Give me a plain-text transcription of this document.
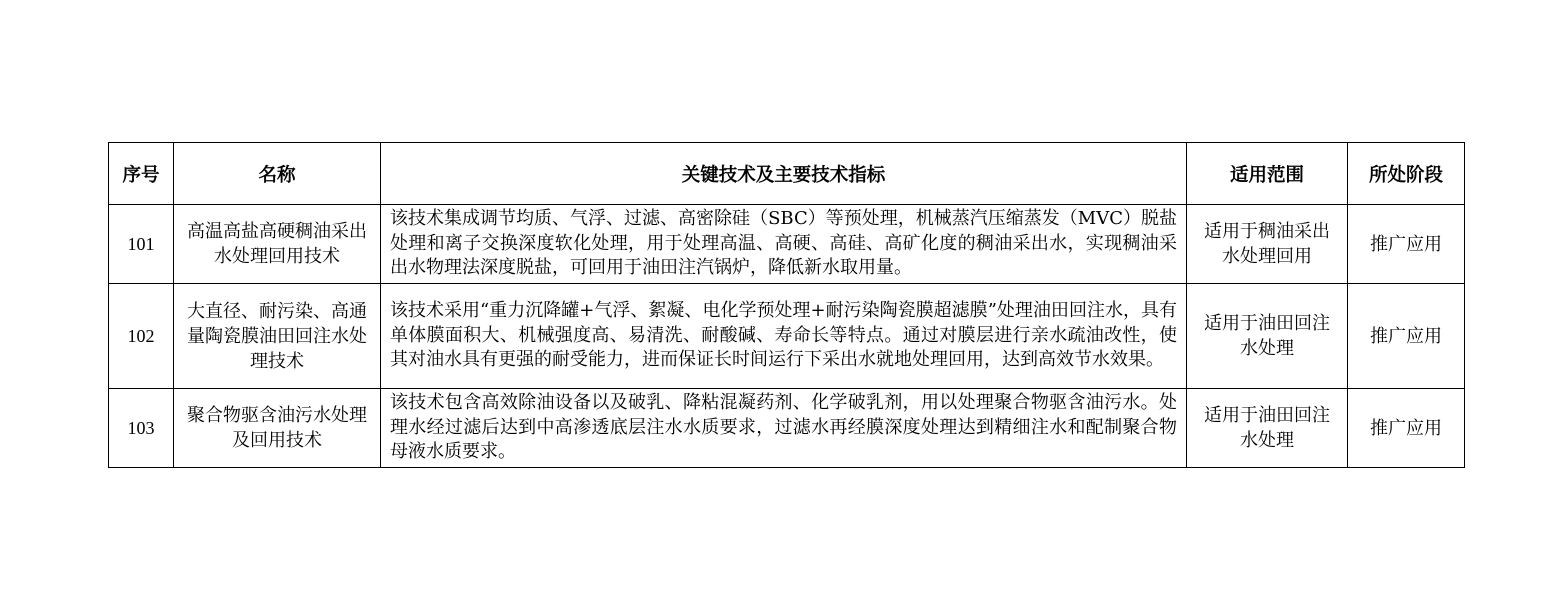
序号	名称	关键技术及主要技术指标	适用范围	所处阶段
101	高温高盐高硬稠油采出水处理回用技术	该技术集成调节均质、气浮、过滤、高密除硅（SBC）等预处理，机械蒸汽压缩蒸发（MVC）脱盐处理和离子交换深度软化处理，用于处理高温、高硬、高硅、高矿化度的稠油采出水，实现稠油采出水物理法深度脱盐，可回用于油田注汽锅炉，降低新水取用量。	适用于稠油采出水处理回用	推广应用
102	大直径、耐污染、高通量陶瓷膜油田回注水处理技术	该技术采用“重力沉降罐+气浮、絮凝、电化学预处理+耐污染陶瓷膜超滤膜”处理油田回注水，具有单体膜面积大、机械强度高、易清洗、耐酸碱、寿命长等特点。通过对膜层进行亲水疏油改性，使其对油水具有更强的耐受能力，进而保证长时间运行下采出水就地处理回用，达到高效节水效果。	适用于油田回注水处理	推广应用
103	聚合物驱含油污水处理及回用技术	该技术包含高效除油设备以及破乳、降粘混凝药剂、化学破乳剂，用以处理聚合物驱含油污水。处理水经过滤后达到中高渗透底层注水水质要求，过滤水再经膜深度处理达到精细注水和配制聚合物母液水质要求。	适用于油田回注水处理	推广应用
